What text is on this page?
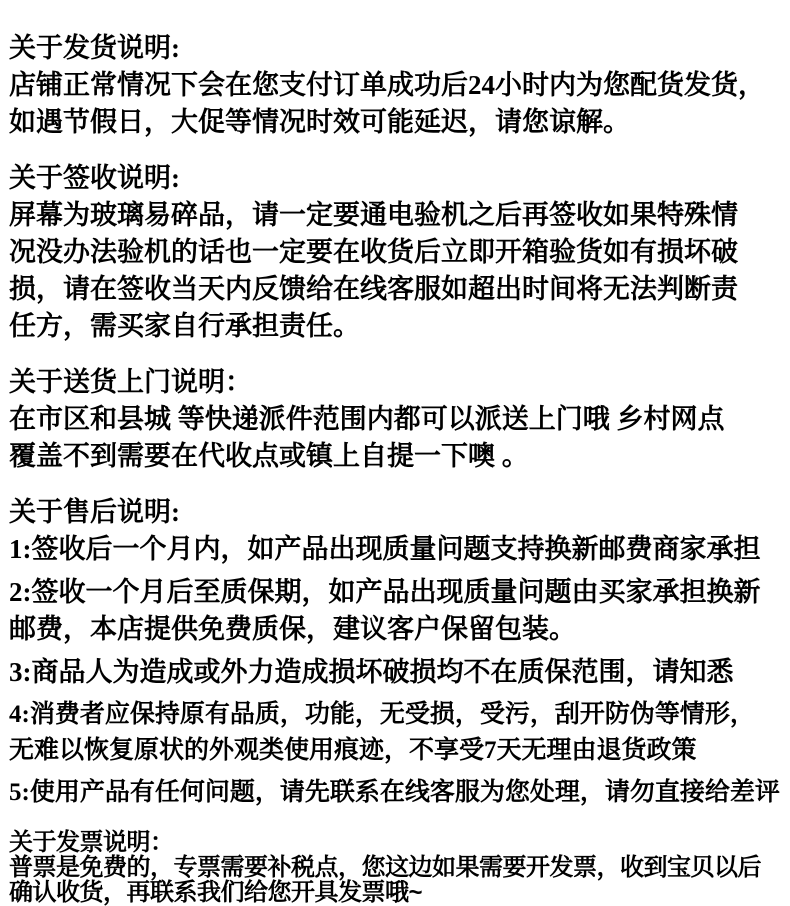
关于发货说明:
店铺正常情况下会在您支付订单成功后24小时内为您配货发货，
如遇节假日，大促等情况时效可能延迟，请您谅解。
关于签收说明:
屏幕为玻璃易碎品，请一定要通电验机之后再签收如果特殊情
况没办法验机的话也一定要在收货后立即开箱验货如有损坏破
损，请在签收当天内反馈给在线客服如超出时间将无法判断责
任方，需买家自行承担责任。
关于送货上门说明：
在市区和县城 等快递派件范围内都可以派送上门哦 乡村网点
覆盖不到需要在代收点或镇上自提一下噢 。
关于售后说明:
1:签收后一个月内，如产品出现质量问题支持换新邮费商家承担
2:签收一个月后至质保期，如产品出现质量问题由买家承担换新
邮费，本店提供免费质保，建议客户保留包装。
3:商品人为造成或外力造成损坏破损均不在质保范围，请知悉
4:消费者应保持原有品质，功能，无受损，受污，刮开防伪等情形，
无难以恢复原状的外观类使用痕迹，不享受7天无理由退货政策
5:使用产品有任何问题，请先联系在线客服为您处理，请勿直接给差评
关于发票说明：
普票是免费的，专票需要补税点，您这边如果需要开发票，收到宝贝以后
确认收货，再联系我们给您开具发票哦~
